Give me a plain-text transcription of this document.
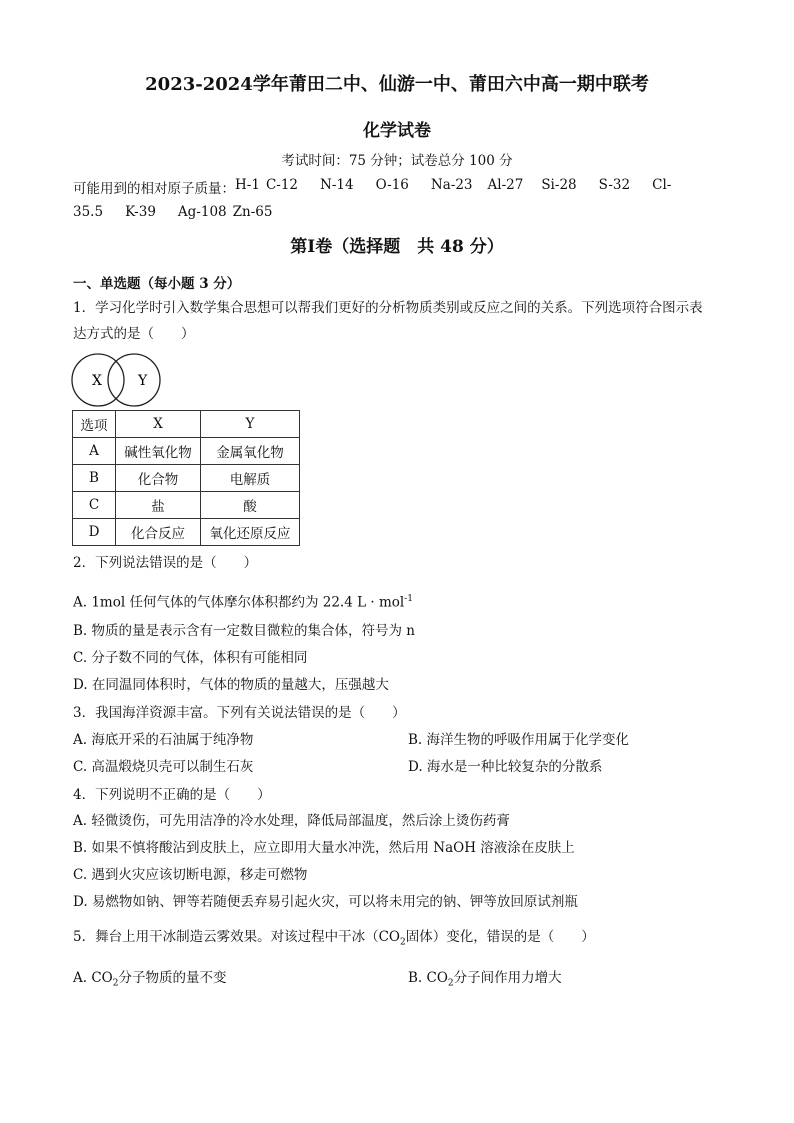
2023-2024学年莆田二中、仙游一中、莆田六中高一期中联考
化学试卷
考试时间：75 分钟；试卷总分 100 分
可能用到的相对原子质量： H-1 C-12 N-14 O-16 Na-23 Al-27 Si-28 S-32 Cl-
35.5 K-39 Ag-108 Zn-65
第Ⅰ卷（选择题　共 48 分）
一、单选题（每小题 3 分）
1．学习化学时引入数学集合思想可以帮我们更好的分析物质类别或反应之间的关系。下列选项符合图示表
达方式的是（　　）
X	Y
选项	X	Y
A	碱性氧化物	金属氧化物
B	化合物	电解质
C	盐	酸
D	化合反应	氧化还原反应
2．下列说法错误的是（　　）
A. 1mol 任何气体的气体摩尔体积都约为 22.4 L · mol$^{-1}$
B. 物质的量是表示含有一定数目微粒的集合体，符号为 n
C. 分子数不同的气体，体积有可能相同
D. 在同温同体积时，气体的物质的量越大，压强越大
3．我国海洋资源丰富。下列有关说法错误的是（　　）
A. 海底开采的石油属于纯净物	B. 海洋生物的呼吸作用属于化学变化
C. 高温煅烧贝壳可以制生石灰	D. 海水是一种比较复杂的分散系
4．下列说明不正确的是（　　）
A. 轻微烫伤，可先用洁净的冷水处理，降低局部温度，然后涂上烫伤药膏
B. 如果不慎将酸沾到皮肤上，应立即用大量水冲洗，然后用 NaOH 溶液涂在皮肤上
C. 遇到火灾应该切断电源，移走可燃物
D. 易燃物如钠、钾等若随便丢弃易引起火灾，可以将未用完的钠、钾等放回原试剂瓶
5．舞台上用干冰制造云雾效果。对该过程中干冰（$CO_2$固体）变化，错误的是（　　）
A. $CO_2$分子物质的量不变	B. $CO_2$分子间作用力增大
